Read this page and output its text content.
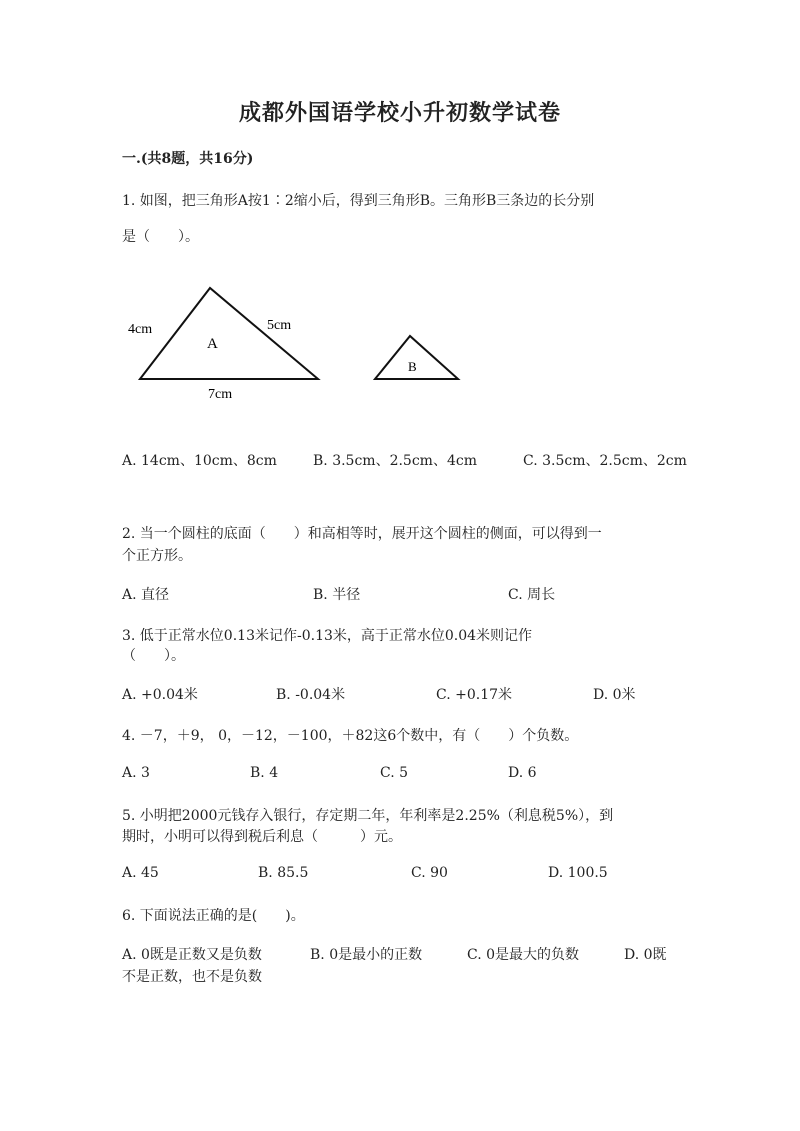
成都外国语学校小升初数学试卷
一.(共8题，共16分)
1. 如图，把三角形A按1∶2缩小后，得到三角形B。三角形B三条边的长分别
是（　　）。
4cm	5cm
7cm
A
B
A. 14cm、10cm、8cm	B. 3.5cm、2.5cm、4cm	C. 3.5cm、2.5cm、2cm
2. 当一个圆柱的底面（　　）和高相等时，展开这个圆柱的侧面，可以得到一
个正方形。
A. 直径	B. 半径	C. 周长
3. 低于正常水位0.13米记作-0.13米，高于正常水位0.04米则记作
（　　）。
A. +0.04米	B. -0.04米	C. +0.17米	D. 0米
4. －7，＋9， 0，－12，－100，＋82这6个数中，有（　　）个负数。
A. 3	B. 4	C. 5	D. 6
5. 小明把2000元钱存入银行，存定期二年，年利率是2.25%（利息税5%），到
期时，小明可以得到税后利息（　　　）元。
A. 45	B. 85.5	C. 90	D. 100.5
6. 下面说法正确的是(　　)。
A. 0既是正数又是负数	B. 0是最小的正数	C. 0是最大的负数	D. 0既
不是正数，也不是负数
